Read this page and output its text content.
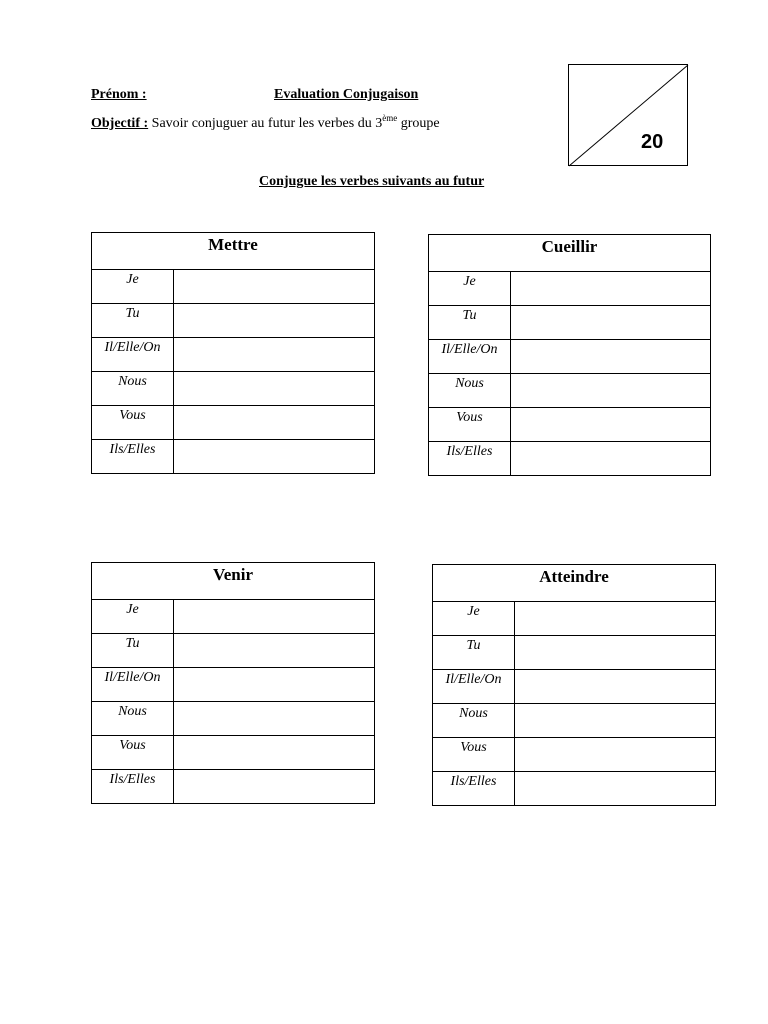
Prénom :	Evaluation Conjugaison
Objectif : Savoir conjuguer au futur les verbes du 3ème groupe
20
Conjugue les verbes suivants au futur
Mettre
Je
Tu
Il/Elle/On
Nous
Vous
Ils/Elles
Cueillir
Je
Tu
Il/Elle/On
Nous
Vous
Ils/Elles
Venir
Je
Tu
Il/Elle/On
Nous
Vous
Ils/Elles
Atteindre
Je
Tu
Il/Elle/On
Nous
Vous
Ils/Elles
